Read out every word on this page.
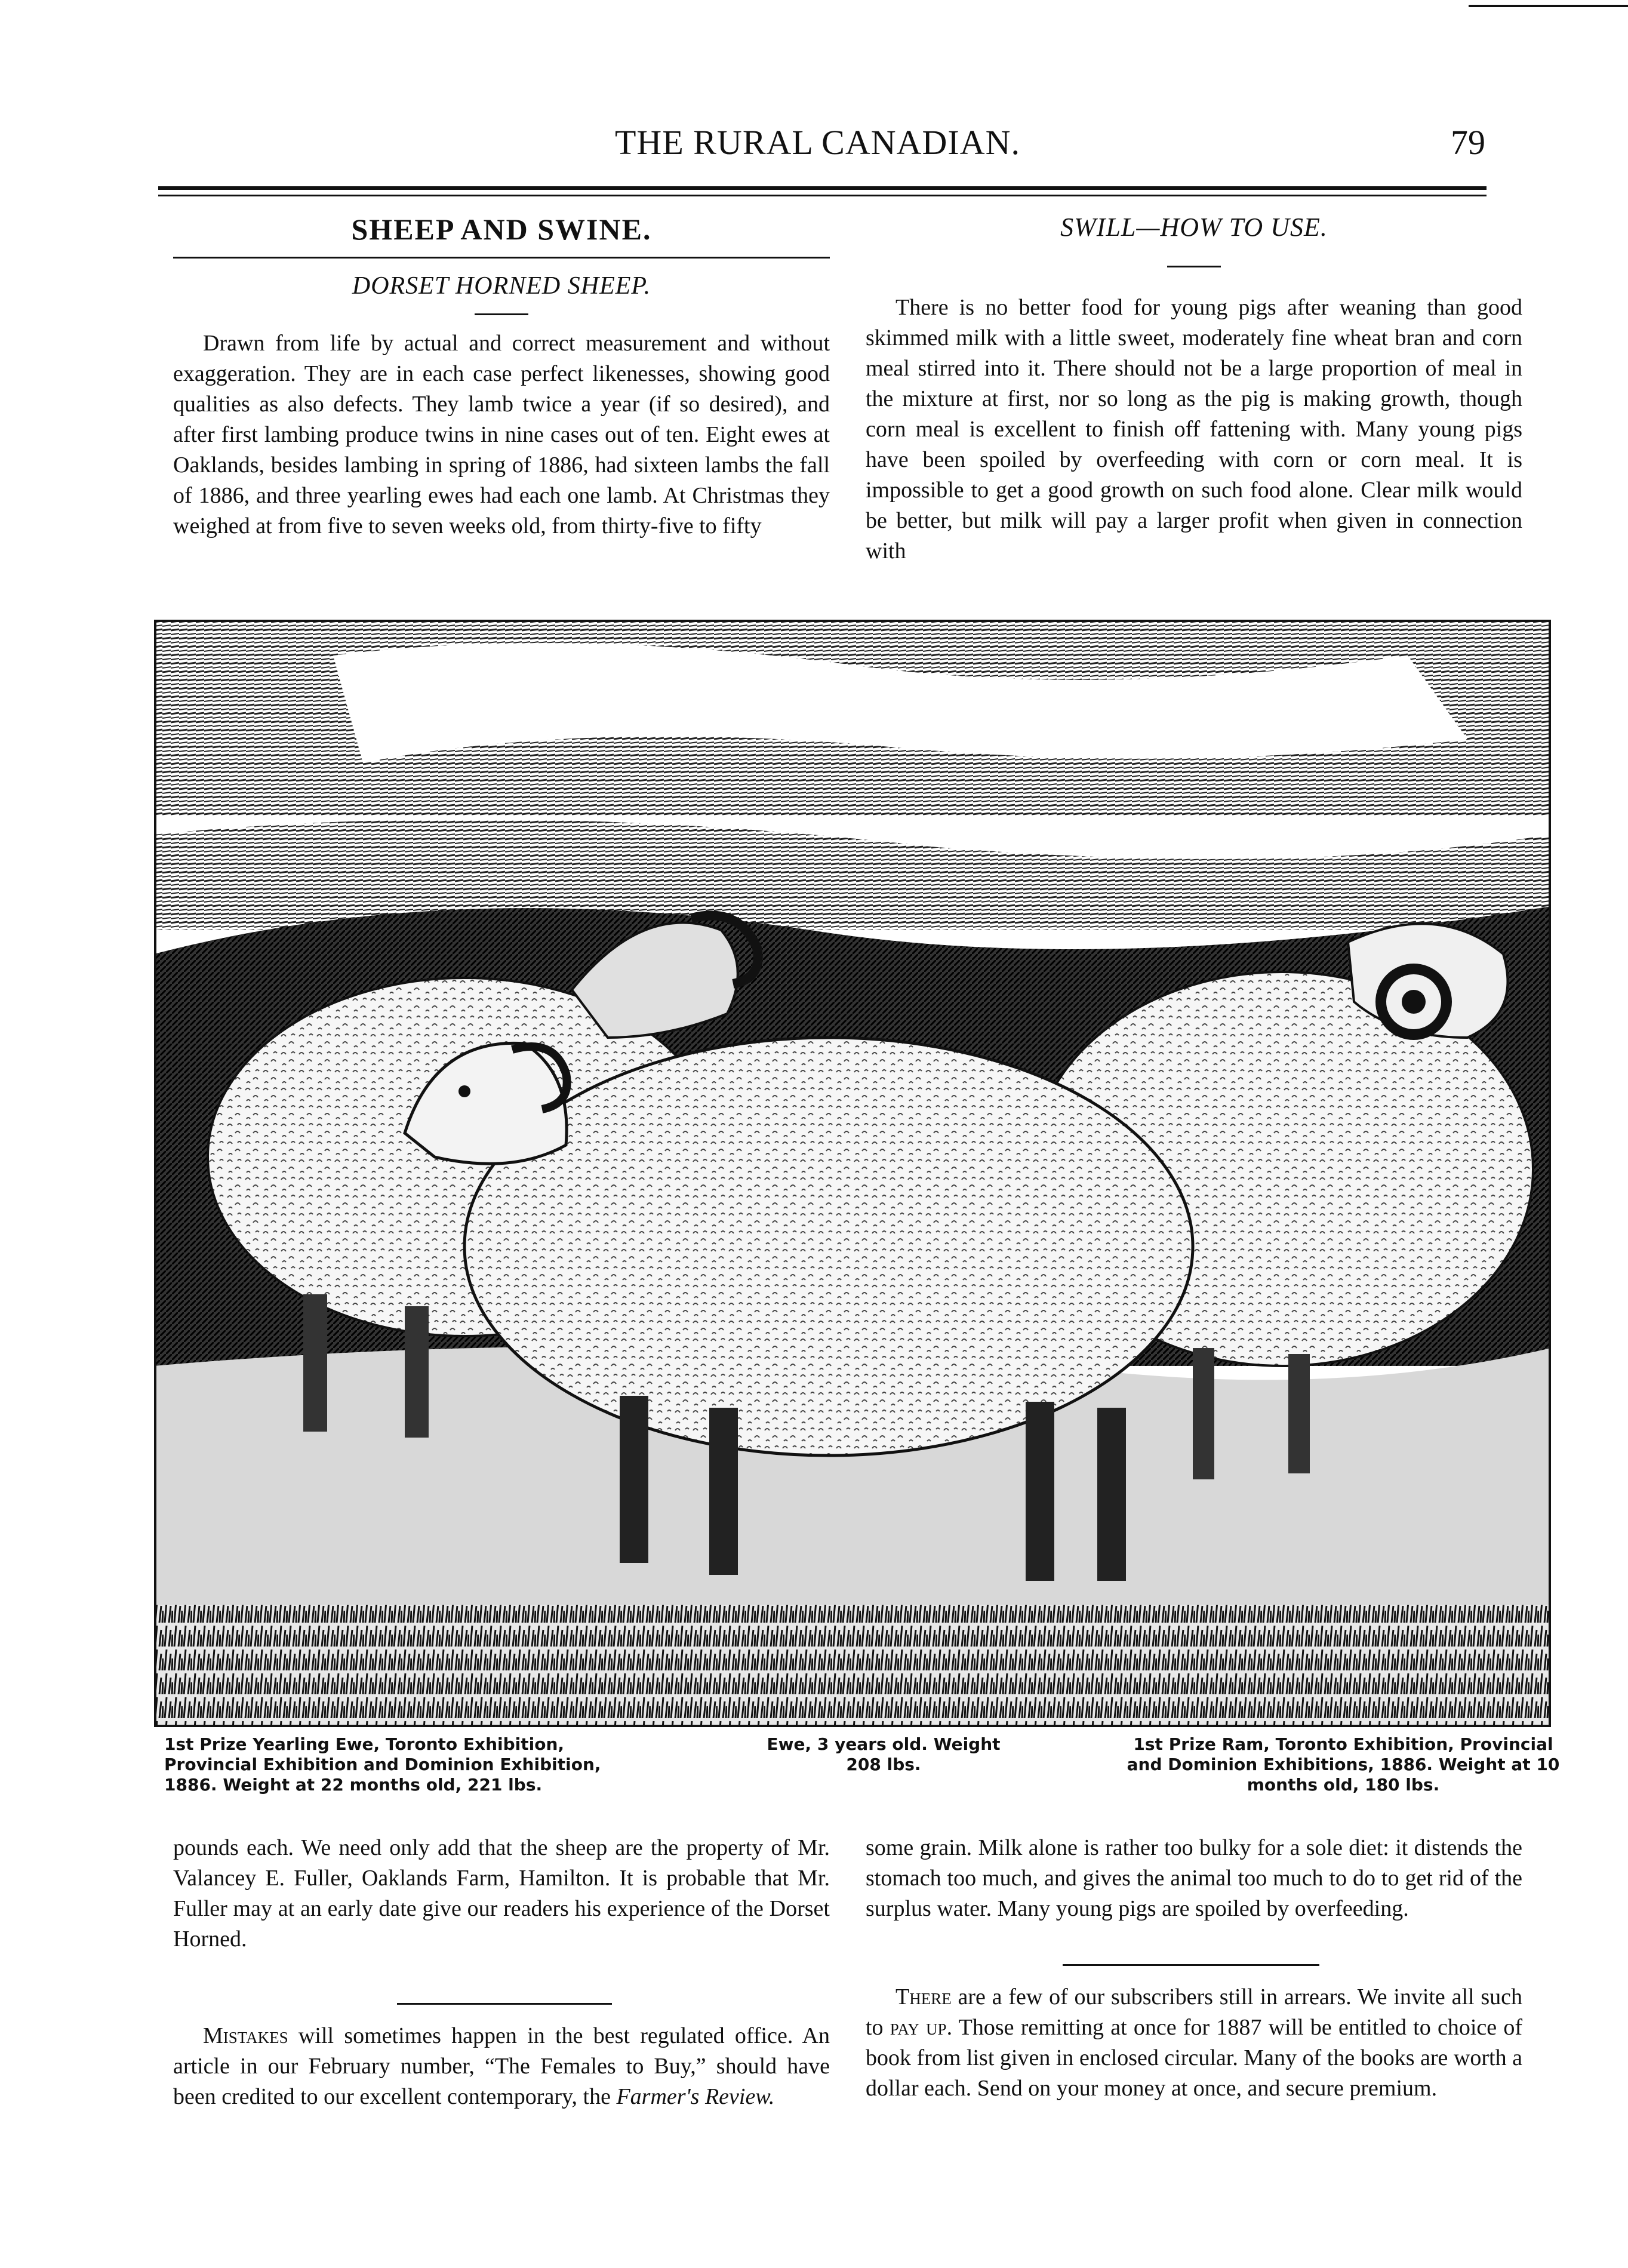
THE RURAL CANADIAN.	79
SHEEP AND SWINE.
DORSET HORNED SHEEP.

Drawn from life by actual and correct measurement and without exaggeration. They are in each case perfect likenesses, showing good qualities as also defects. They lamb twice a year (if so desired), and after first lambing produce twins in nine cases out of ten. Eight ewes at Oaklands, besides lambing in spring of 1886, had sixteen lambs the fall of 1886, and three yearling ewes had each one lamb. At Christmas they weighed at from five to seven weeks old, from thirty-five to fifty

SWILL—HOW TO USE.

There is no better food for young pigs after weaning than good skimmed milk with a little sweet, moderately fine wheat bran and corn meal stirred into it. There should not be a large proportion of meal in the mixture at first, nor so long as the pig is making growth, though corn meal is excellent to finish off fattening with. Many young pigs have been spoiled by overfeeding with corn or corn meal. It is impossible to get a good growth on such food alone. Clear milk would be better, but milk will pay a larger profit when given in connection with

1st Prize Yearling Ewe, Toronto Exhibition, Provincial Exhibition and Dominion Exhibition, 1886. Weight at 22 months old, 221 lbs.
Ewe, 3 years old. Weight 208 lbs.
1st Prize Ram, Toronto Exhibition, Provincial and Dominion Exhibitions, 1886. Weight at 10 months old, 180 lbs.

pounds each. We need only add that the sheep are the property of Mr. Valancey E. Fuller, Oaklands Farm, Hamilton. It is probable that Mr. Fuller may at an early date give our readers his experience of the Dorset Horned.

Mistakes will sometimes happen in the best regulated office. An article in our February number, “The Females to Buy,” should have been credited to our excellent contemporary, the Farmer's Review.

some grain. Milk alone is rather too bulky for a sole diet: it distends the stomach too much, and gives the animal too much to do to get rid of the surplus water. Many young pigs are spoiled by overfeeding.

There are a few of our subscribers still in arrears. We invite all such to pay up. Those remitting at once for 1887 will be entitled to choice of book from list given in enclosed circular. Many of the books are worth a dollar each. Send on your money at once, and secure premium.
